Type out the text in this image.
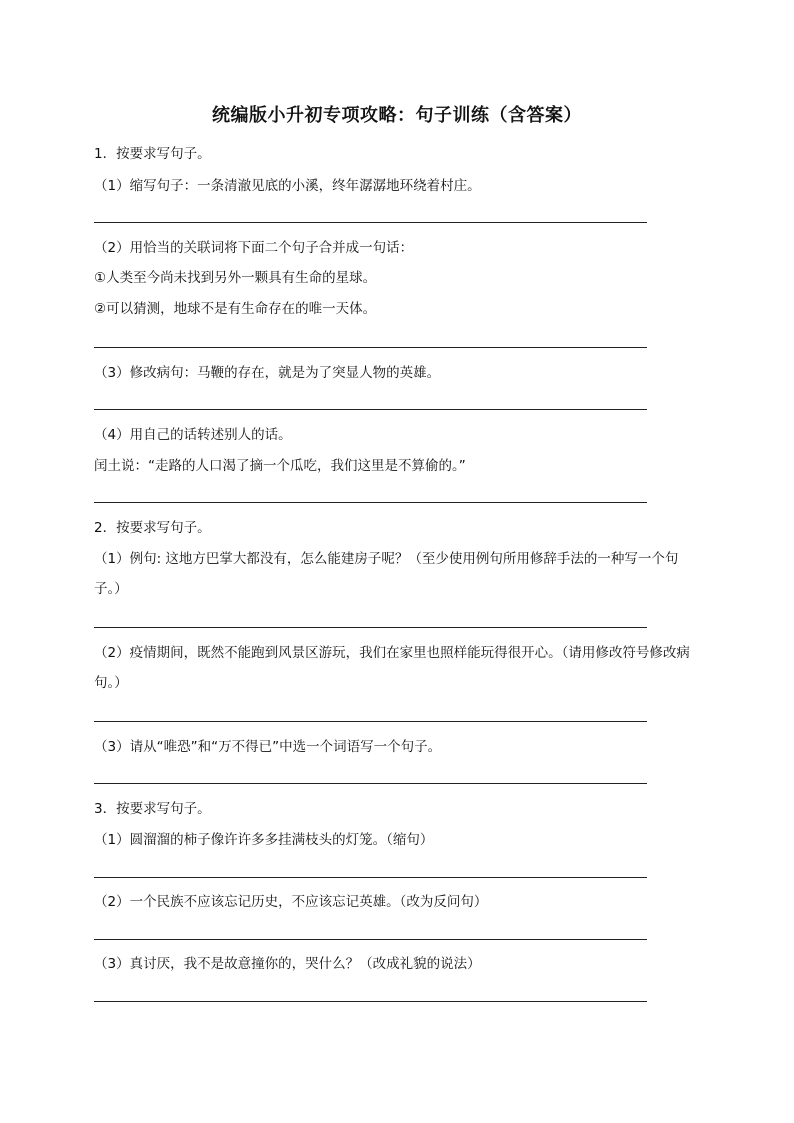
统编版小升初专项攻略：句子训练（含答案）
1．按要求写句子。
（1）缩写句子：一条清澈见底的小溪，终年潺潺地环绕着村庄。
（2）用恰当的关联词将下面二个句子合并成一句话：
①人类至今尚未找到另外一颗具有生命的星球。
②可以猜测，地球不是有生命存在的唯一天体。
（3）修改病句：马鞭的存在，就是为了突显人物的英雄。
（4）用自己的话转述别人的话。
闰土说：“走路的人口渴了摘一个瓜吃，我们这里是不算偷的。”
2．按要求写句子。
（1）例句: 这地方巴掌大都没有，怎么能建房子呢？（至少使用例句所用修辞手法的一种写一个句子。）
（2）疫情期间，既然不能跑到风景区游玩，我们在家里也照样能玩得很开心。（请用修改符号修改病句。）
（3）请从“唯恐”和“万不得已”中选一个词语写一个句子。
3．按要求写句子。
（1）圆溜溜的柿子像许许多多挂满枝头的灯笼。（缩句）
（2）一个民族不应该忘记历史，不应该忘记英雄。（改为反问句）
（3）真讨厌，我不是故意撞你的，哭什么？（改成礼貌的说法）
